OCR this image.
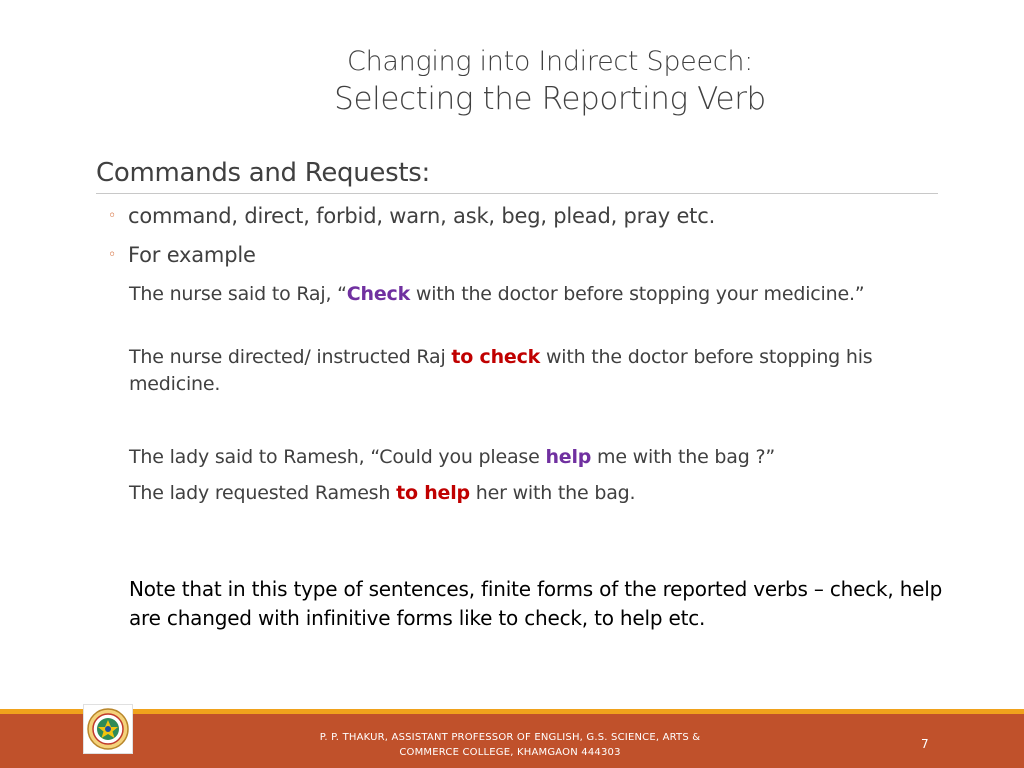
Changing into Indirect Speech:
Selecting the Reporting Verb
Commands and Requests:
◦ command, direct, forbid, warn, ask, beg, plead, pray etc.
◦ For example
The nurse said to Raj, “Check with the doctor before stopping your medicine.”
The nurse directed/ instructed Raj to check with the doctor before stopping his medicine.
The lady said to Ramesh, “Could you please help me with the bag ?”
The lady requested Ramesh to help her with the bag.
Note that in this type of sentences, finite forms of the reported verbs – check, help are changed with infinitive forms like to check, to help etc.
P. P. THAKUR, ASSISTANT PROFESSOR OF ENGLISH, G.S. SCIENCE, ARTS &
COMMERCE COLLEGE, KHAMGAON 444303
7
